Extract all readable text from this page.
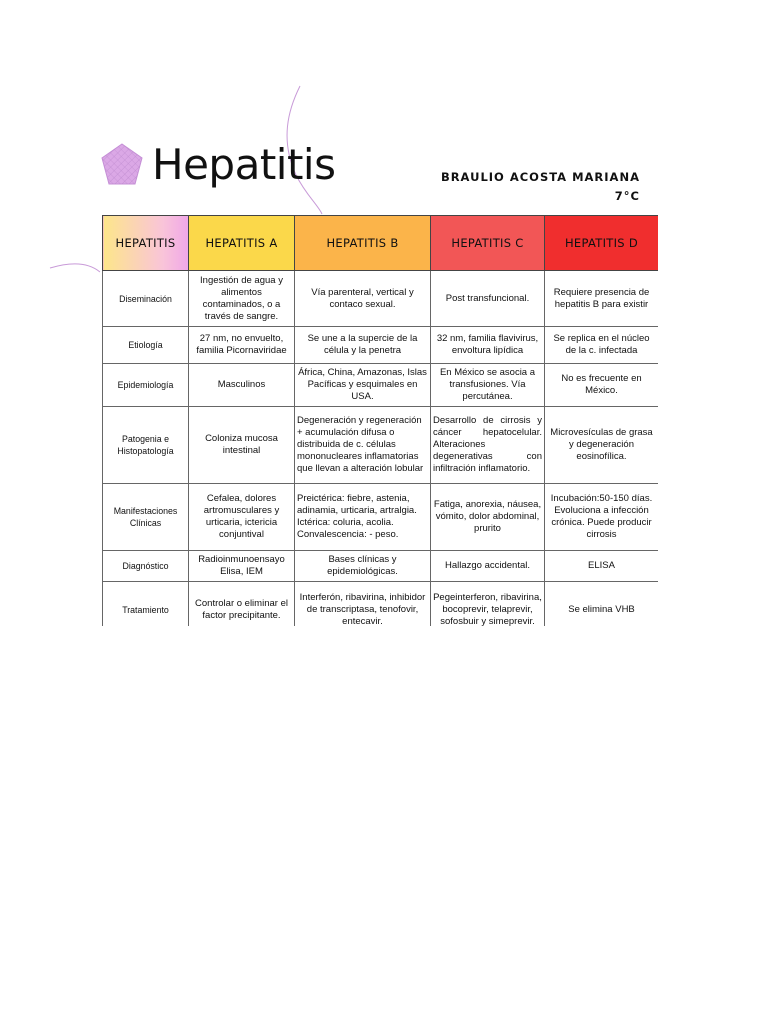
Hepatitis	BRAULIO ACOSTA MARIANA
7°C
HEPATITIS	HEPATITIS A	HEPATITIS B	HEPATITIS C	HEPATITIS D
Diseminación	Ingestión de agua y alimentos contaminados, o a través de sangre.	Vía parenteral, vertical y contaco sexual.	Post transfuncional.	Requiere presencia de hepatitis B para existir
Etiología	27 nm, no envuelto, familia Picornaviridae	Se une a la supercie de la célula y la penetra	32 nm, familia flavivirus, envoltura lipídica	Se replica en el núcleo de la c. infectada
Epidemiología	Masculinos	África, China, Amazonas, Islas Pacíficas y esquimales en USA.	En México se asocia a transfusiones. Vía percutánea.	No es frecuente en México.
Patogenia e Histopatología	Coloniza mucosa intestinal	Degeneración y regeneración + acumulación difusa o distribuida de c. células mononucleares inflamatorias que llevan a alteración lobular	Desarrollo de cirrosis y cáncer hepatocelular. Alteraciones degenerativas con infiltración inflamatorio.	Microvesículas de grasa y degeneración eosinofílica.
Manifestaciones Clínicas	Cefalea, dolores artromusculares y urticaria, ictericia conjuntival	Preictérica: fiebre, astenia, adinamia, urticaria, artralgia.
Ictérica: coluria, acolia.
Convalescencia: - peso.	Fatiga, anorexia, náusea, vómito, dolor abdominal, prurito	Incubación:50-150 días. Evoluciona a infección crónica. Puede producir cirrosis
Diagnóstico	Radioinmunoensayo Elisa, IEM	Bases clínicas y epidemiológicas.	Hallazgo accidental.	ELISA
Tratamiento	Controlar o eliminar el factor precipitante.	Interferón, ribavirina, inhibidor de transcriptasa, tenofovir, entecavir.	Pegeinterferon, ribavirina, bocoprevir, telaprevir, sofosbuir y simeprevir.	Se elimina VHB
